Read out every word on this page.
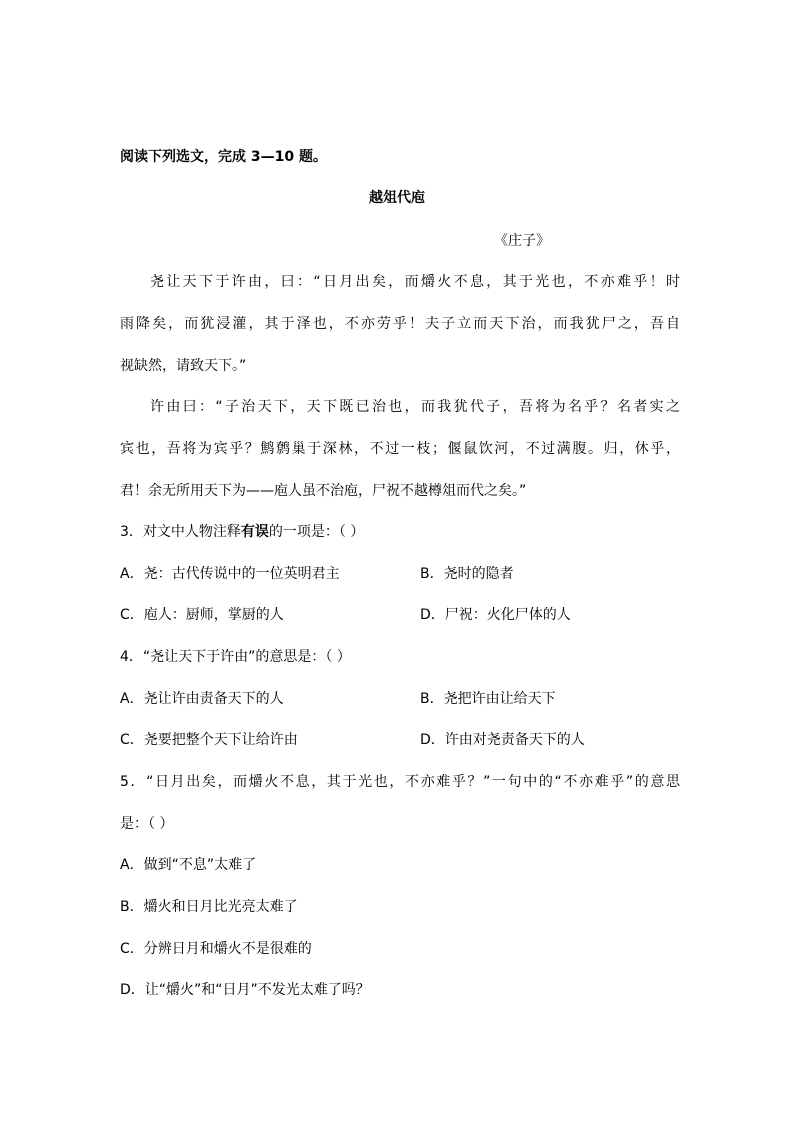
阅读下列选文，完成 3—10 题。
越俎代庖
《庄子》
尧让天下于许由，曰：“日月出矣，而爝火不息，其于光也，不亦难乎！时
雨降矣，而犹浸灌，其于泽也，不亦劳乎！夫子立而天下治，而我犹尸之，吾自
视缺然，请致天下。”
许由曰：“子治天下，天下既已治也，而我犹代子，吾将为名乎？名者实之
宾也，吾将为宾乎？鹪鹩巢于深林，不过一枝；偃鼠饮河，不过满腹。归，休乎，
君！余无所用天下为——庖人虽不治庖，尸祝不越樽俎而代之矣。”
3．对文中人物注释有误的一项是：（ ）
A．尧：古代传说中的一位英明君主	B．尧时的隐者
C．庖人：厨师，掌厨的人	D．尸祝：火化尸体的人
4．“尧让天下于许由”的意思是：（ ）
A．尧让许由责备天下的人	B．尧把许由让给天下
C．尧要把整个天下让给许由	D．许由对尧责备天下的人
5．“日月出矣，而爝火不息，其于光也，不亦难乎？”一句中的“不亦难乎”的意思
是：（ ）
A．做到“不息”太难了
B．爝火和日月比光亮太难了
C．分辨日月和爝火不是很难的
D．让“爝火”和“日月”不发光太难了吗？
